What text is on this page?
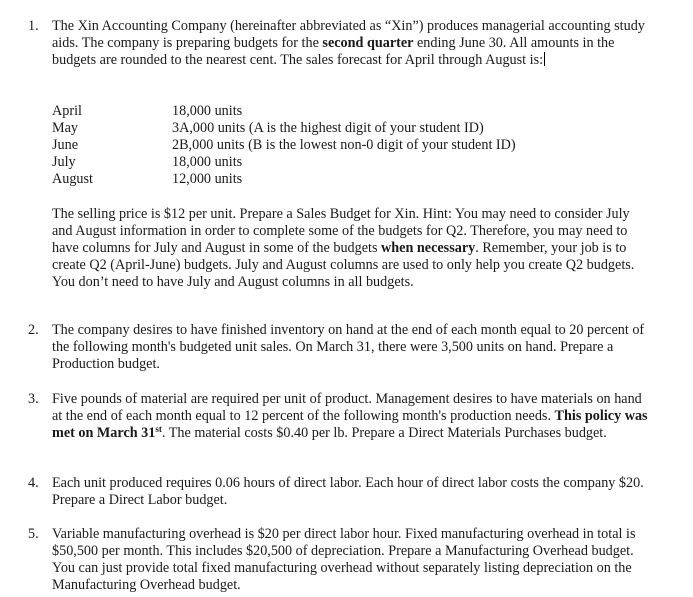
1. The Xin Accounting Company (hereinafter abbreviated as “Xin”) produces managerial accounting study aids. The company is preparing budgets for the second quarter ending June 30. All amounts in the budgets are rounded to the nearest cent. The sales forecast for April through August is:

April	18,000 units
May	3A,000 units (A is the highest digit of your student ID)
June	2B,000 units (B is the lowest non-0 digit of your student ID)
July	18,000 units
August	12,000 units

The selling price is $12 per unit. Prepare a Sales Budget for Xin. Hint: You may need to consider July and August information in order to complete some of the budgets for Q2. Therefore, you may need to have columns for July and August in some of the budgets when necessary. Remember, your job is to create Q2 (April-June) budgets. July and August columns are used to only help you create Q2 budgets. You don’t need to have July and August columns in all budgets.

2. The company desires to have finished inventory on hand at the end of each month equal to 20 percent of the following month's budgeted unit sales. On March 31, there were 3,500 units on hand. Prepare a Production budget.

3. Five pounds of material are required per unit of product. Management desires to have materials on hand at the end of each month equal to 12 percent of the following month's production needs. This policy was met on March 31st. The material costs $0.40 per lb. Prepare a Direct Materials Purchases budget.

4. Each unit produced requires 0.06 hours of direct labor. Each hour of direct labor costs the company $20. Prepare a Direct Labor budget.

5. Variable manufacturing overhead is $20 per direct labor hour. Fixed manufacturing overhead in total is $50,500 per month. This includes $20,500 of depreciation. Prepare a Manufacturing Overhead budget. You can just provide total fixed manufacturing overhead without separately listing depreciation on the Manufacturing Overhead budget.
